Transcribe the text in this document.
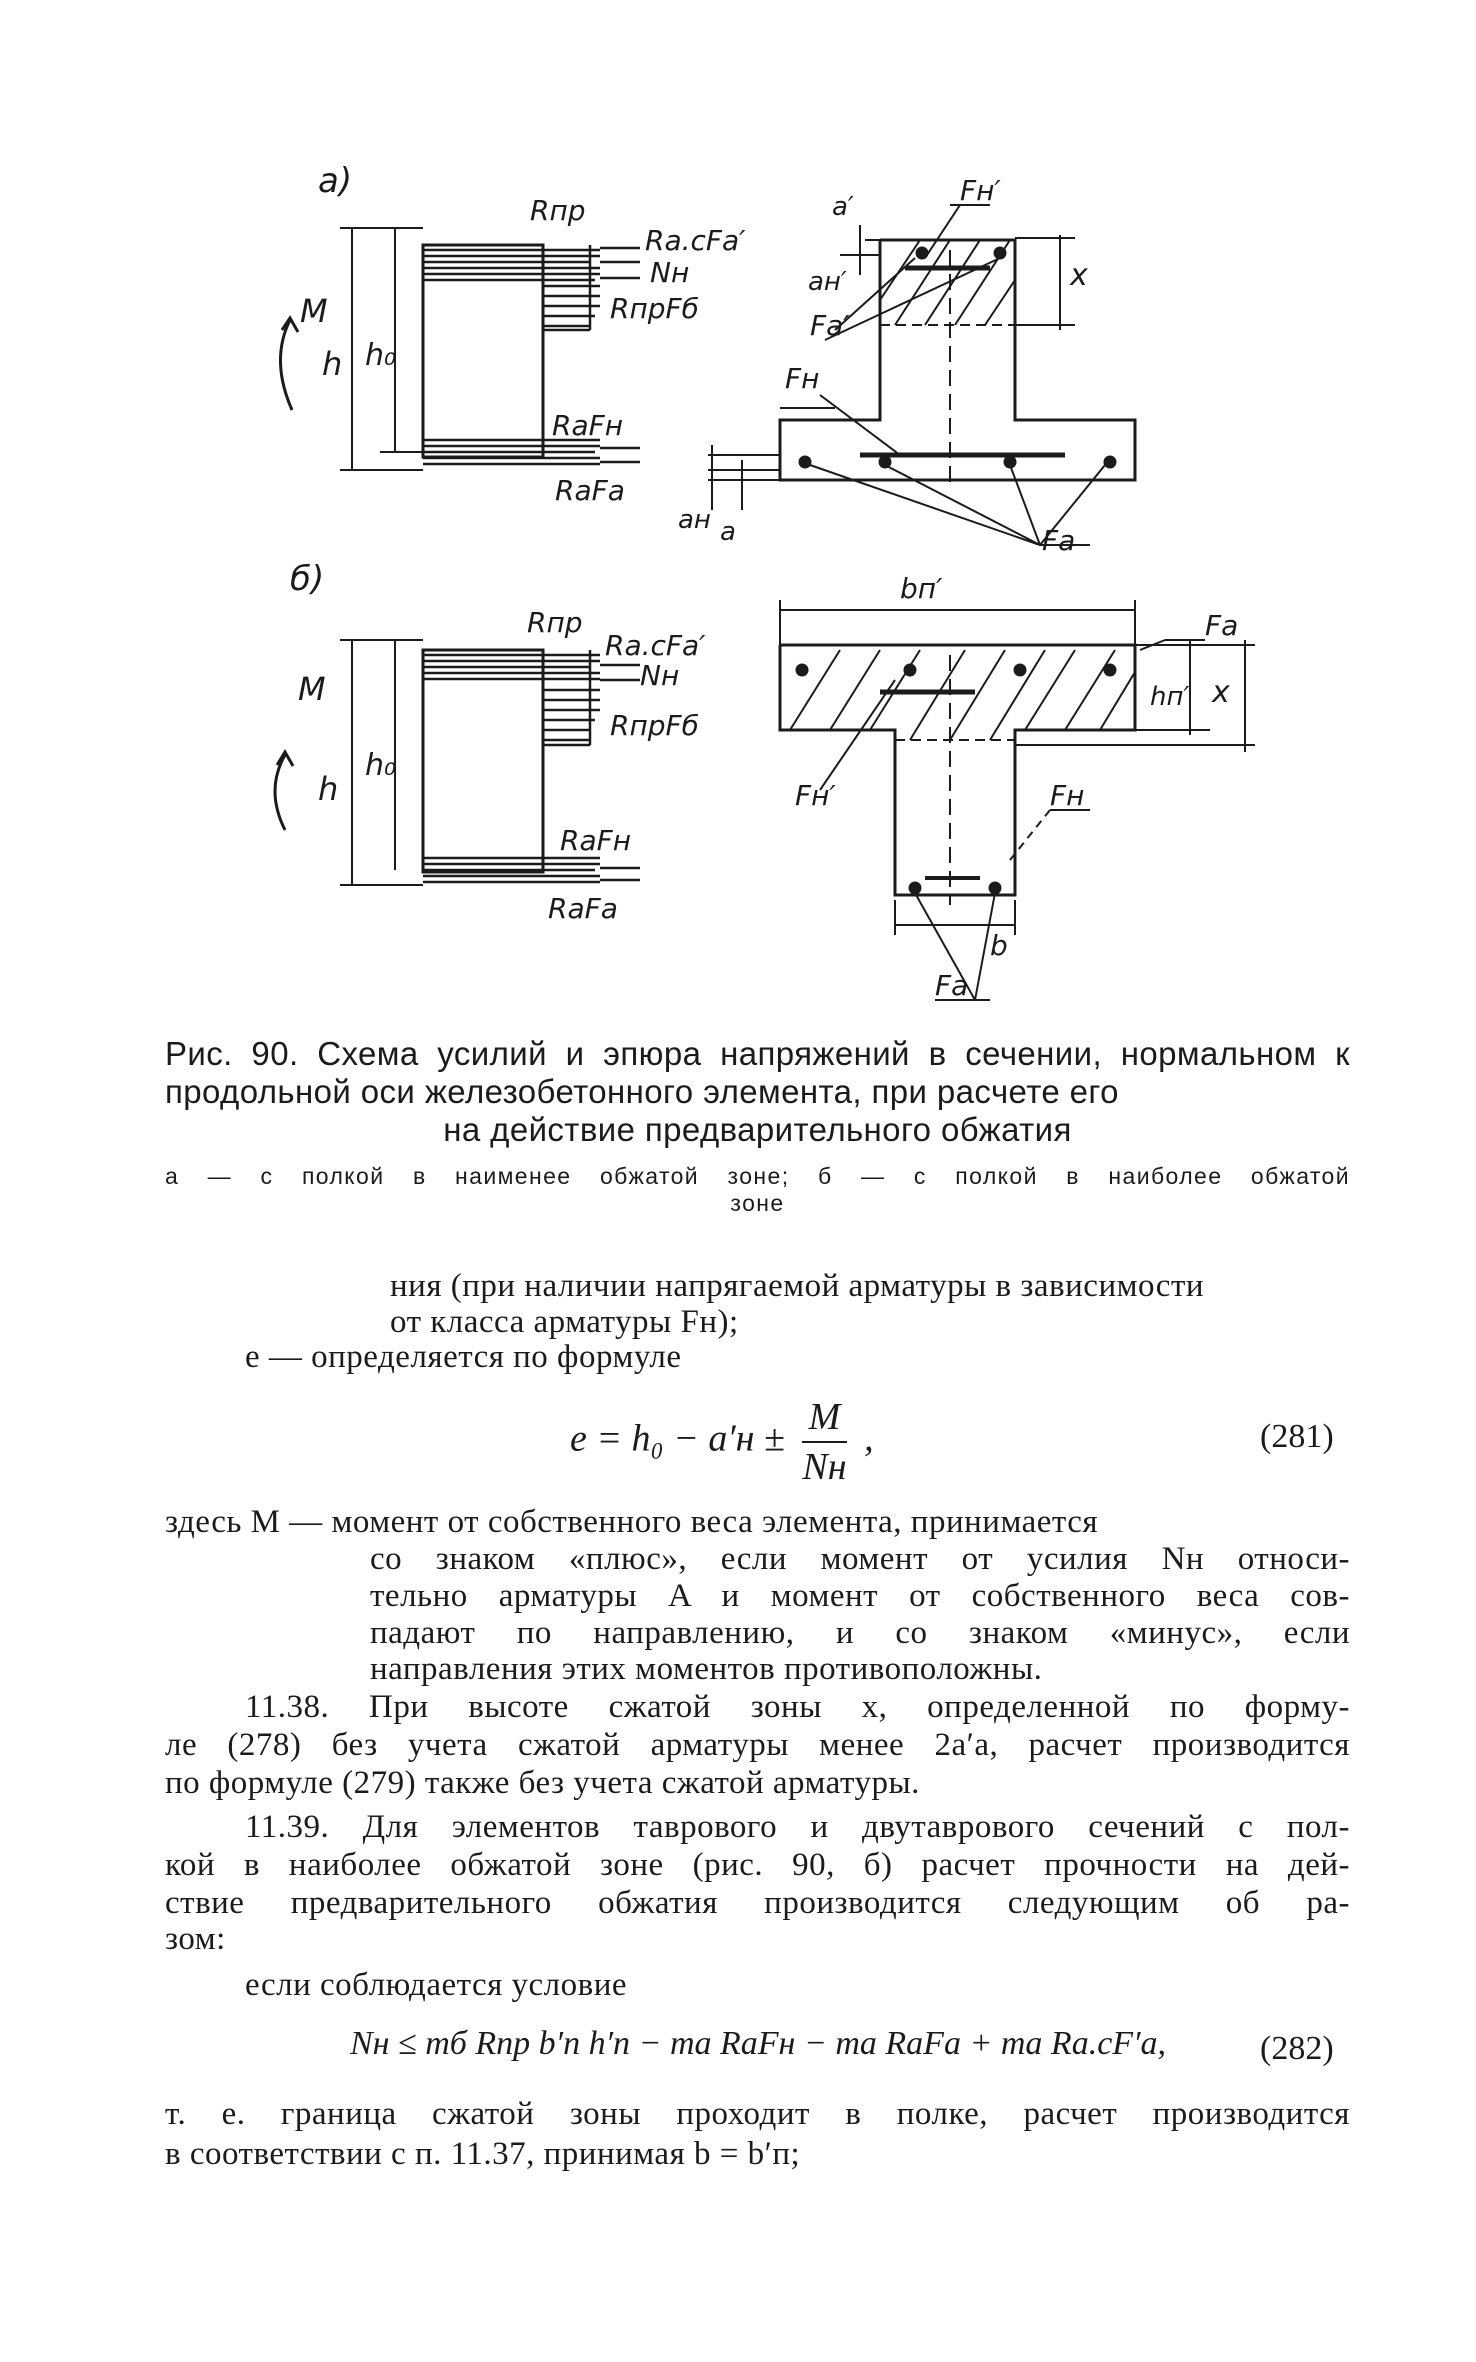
а)
б)
M
h h₀
Rпр
Ra.cFa′
Nн
RпрFб
RaFн
RaFa
Fн′
a′
aн′	x
Fa′
Fн
Fa
aн a
M
h
h₀
Rпр
Ra.cFa′
Nн
RпрFб
RaFн
RaFa
bп′
Fa
hп′ x
Fн′	Fн
b
Fa
Рис. 90. Схема усилий и эпюра напряжений в сечении, нормальном к продольной оси железобетонного элемента, при расчете его
на действие предварительного обжатия
а — с полкой в наименее обжатой зоне; б — с полкой в наиболее обжатой
зоне
ния (при наличии напрягаемой арматуры в зависимости
от класса арматуры Fн);
e — определяется по формуле
$e = h_0 - a'н \pm \frac{M}{Nн}$ ,	(281)
здесь M — момент от собственного веса элемента, принимается
со знаком «плюс», если момент от усилия Nн относи-
тельно арматуры A и момент от собственного веса сов-
падают по направлению, и со знаком «минус», если
направления этих моментов противоположны.
11.38. При высоте сжатой зоны x, определенной по форму-
ле (278) без учета сжатой арматуры менее 2a′a, расчет производится
по формуле (279) также без учета сжатой арматуры.
11.39. Для элементов таврового и двутаврового сечений с пол-
кой в наиболее обжатой зоне (рис. 90, б) расчет прочности на дей-
ствие предварительного обжатия производится следующим об ра-
зом:
если соблюдается условие
Nн ≤ mб Rпр b′п h′п − ma RaFн − ma RaFa + ma Ra.cF′a,	(282)
т. е. граница сжатой зоны проходит в полке, расчет производится
в соответствии с п. 11.37, принимая b = b′п;
